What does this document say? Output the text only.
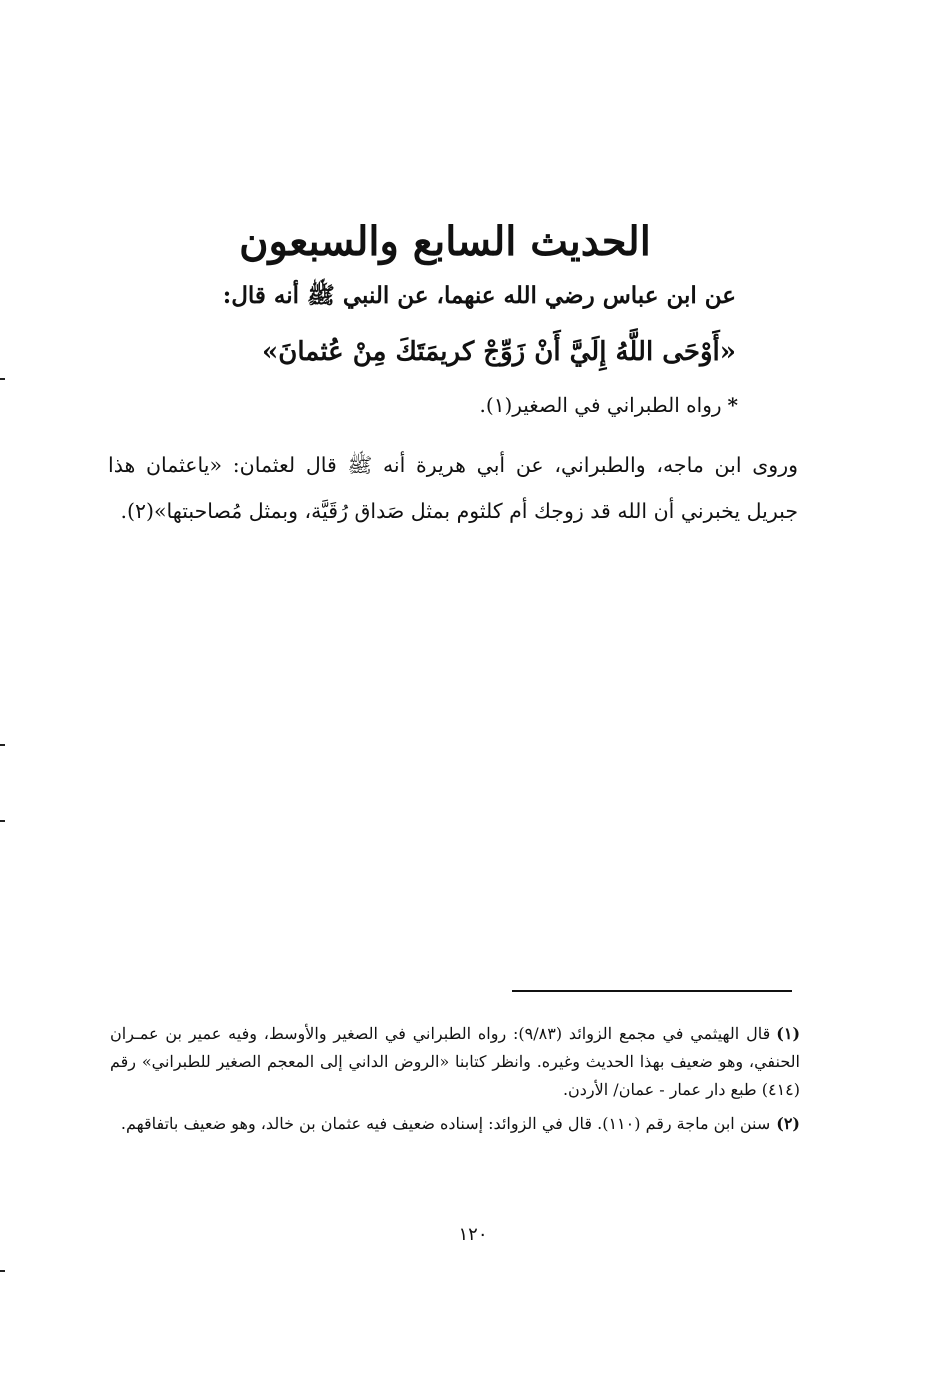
الحديث السابع والسبعون
عن ابن عباس رضي الله عنهما، عن النبي ﷺ أنه قال:
«أَوْحَى اللَّهُ إِلَيَّ أَنْ زَوِّجْ كريمَتَكَ مِنْ عُثمانَ»
*رواه الطبراني في الصغير(١).
وروى ابن ماجه، والطبراني، عن أبي هريرة أنه ﷺ قال لعثمان: «ياعثمان هذا جبريل يخبرني أن الله قد زوجك أم كلثوم بمثل صَداق رُقَيَّة، وبمثل مُصاحبتها»(٢).

(١)قال الهيثمي في مجمع الزوائد (٩/٨٣): رواه الطبراني في الصغير والأوسط، وفيه عمير بن عمـران الحنفي، وهو ضعيف بهذا الحديث وغيره. وانظر كتابنا «الروض الداني إلى المعجم الصغير للطبراني» رقم (٤١٤) طبع دار عمار - عمان/ الأردن.

(٢)سنن ابن ماجة رقم (١١٠). قال في الزوائد: إسناده ضعيف فيه عثمان بن خالد، وهو ضعيف باتفاقهم.

١٢٠
